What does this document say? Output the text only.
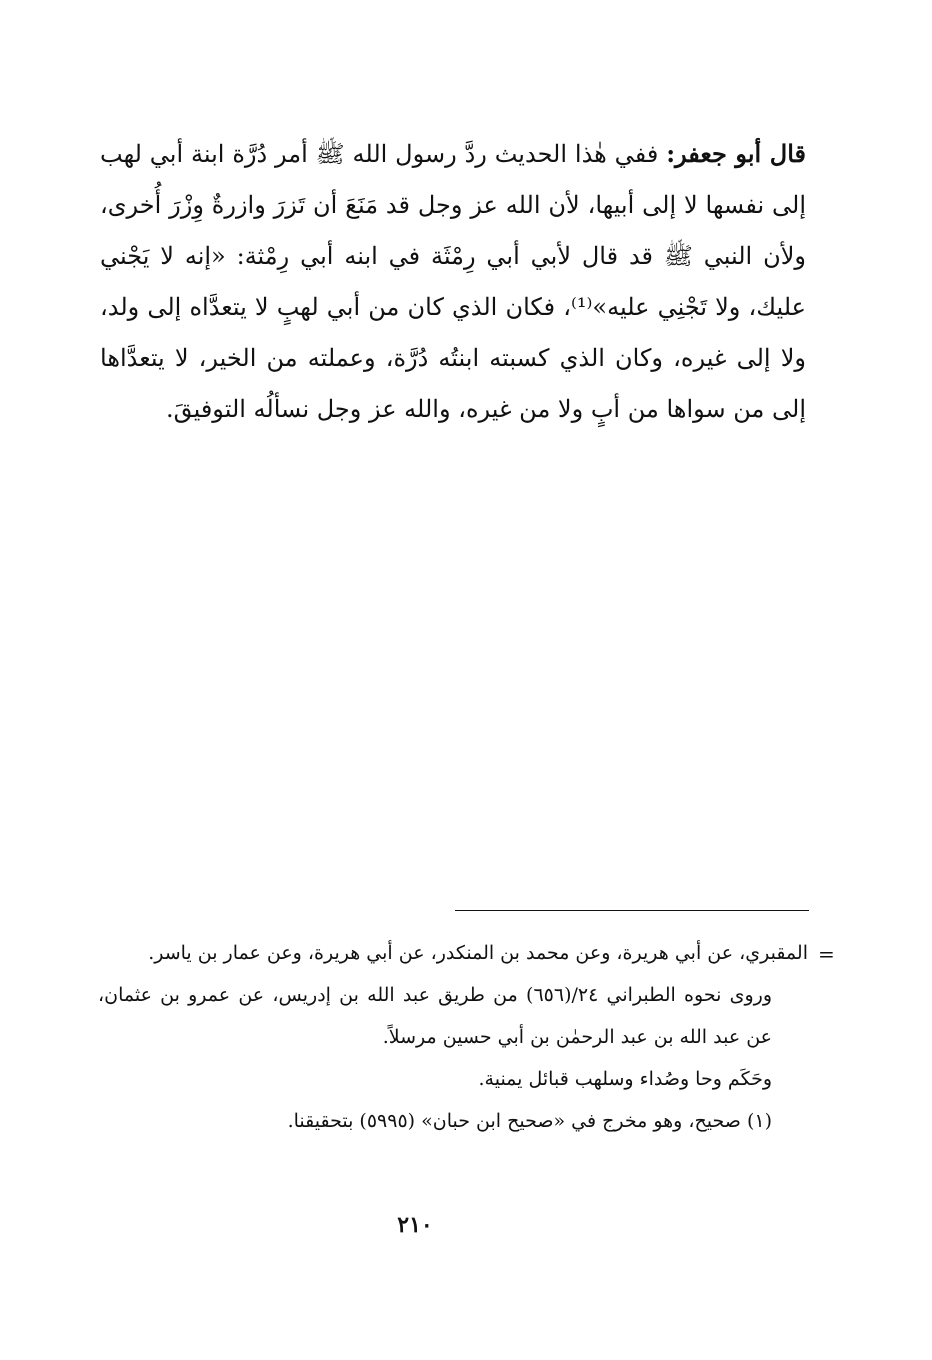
قال أبو جعفر: ففي هٰذا الحديث ردَّ رسول الله ﷺ أمر دُرَّة ابنة أبي لهب إلى نفسها لا إلى أبيها، لأن الله عز وجل قد مَنَعَ أن تَزرَ وازرةٌ وِزْرَ أُخرى، ولأن النبي ﷺ قد قال لأبي أبي رِمْثَة في ابنه أبي رِمْثة: «إنه لا يَجْني عليك، ولا تَجْنِي عليه»⁽¹⁾، فكان الذي كان من أبي لهبٍ لا يتعدَّاه إلى ولد، ولا إلى غيره، وكان الذي كسبته ابنتُه دُرَّة، وعملته من الخير، لا يتعدَّاها إلى من سواها من أبٍ ولا من غيره، والله عز وجل نسألُه التوفيقَ.

=

المقبري، عن أبي هريرة، وعن محمد بن المنكدر، عن أبي هريرة، وعن عمار بن ياسر.

وروى نحوه الطبراني ٢٤/(٦٥٦) من طريق عبد الله بن إدريس، عن عمرو بن عثمان، عن عبد الله بن عبد الرحمٰن بن أبي حسين مرسلاً.

وحَكَم وحا وصُداء وسلهب قبائل يمنية.

(١) صحيح، وهو مخرج في «صحيح ابن حبان» (٥٩٩٥) بتحقيقنا.

٢١٠
